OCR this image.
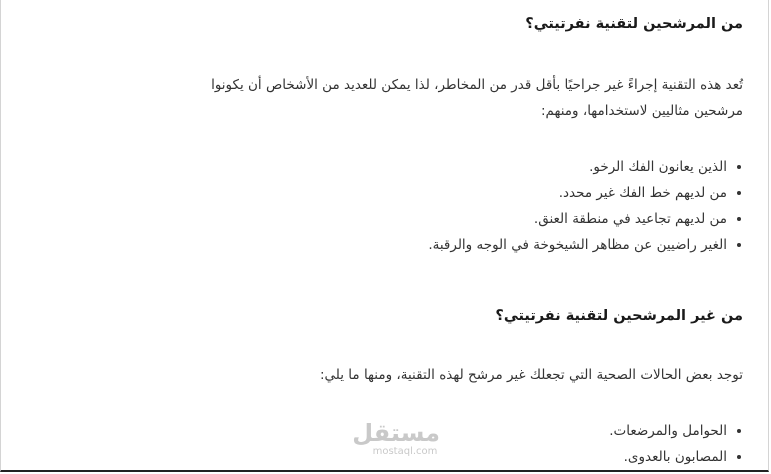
من المرشحين لتقنية نفرتيتي؟

تُعد هذه التقنية إجراءً غير جراحيًا بأقل قدر من المخاطر، لذا يمكن للعديد من الأشخاص أن يكونوا

مرشحين مثاليين لاستخدامها، ومنهم:

الذين يعانون الفك الرخو.
من لديهم خط الفك غير محدد.
من لديهم تجاعيد في منطقة العنق.
الغير راضيين عن مظاهر الشيخوخة في الوجه والرقبة.
من غير المرشحين لتقنية نفرتيتي؟

توجد بعض الحالات الصحية التي تجعلك غير مرشح لهذه التقنية، ومنها ما يلي:

الحوامل والمرضعات.
المصابون بالعدوى.
مستقل
mostaql.com
